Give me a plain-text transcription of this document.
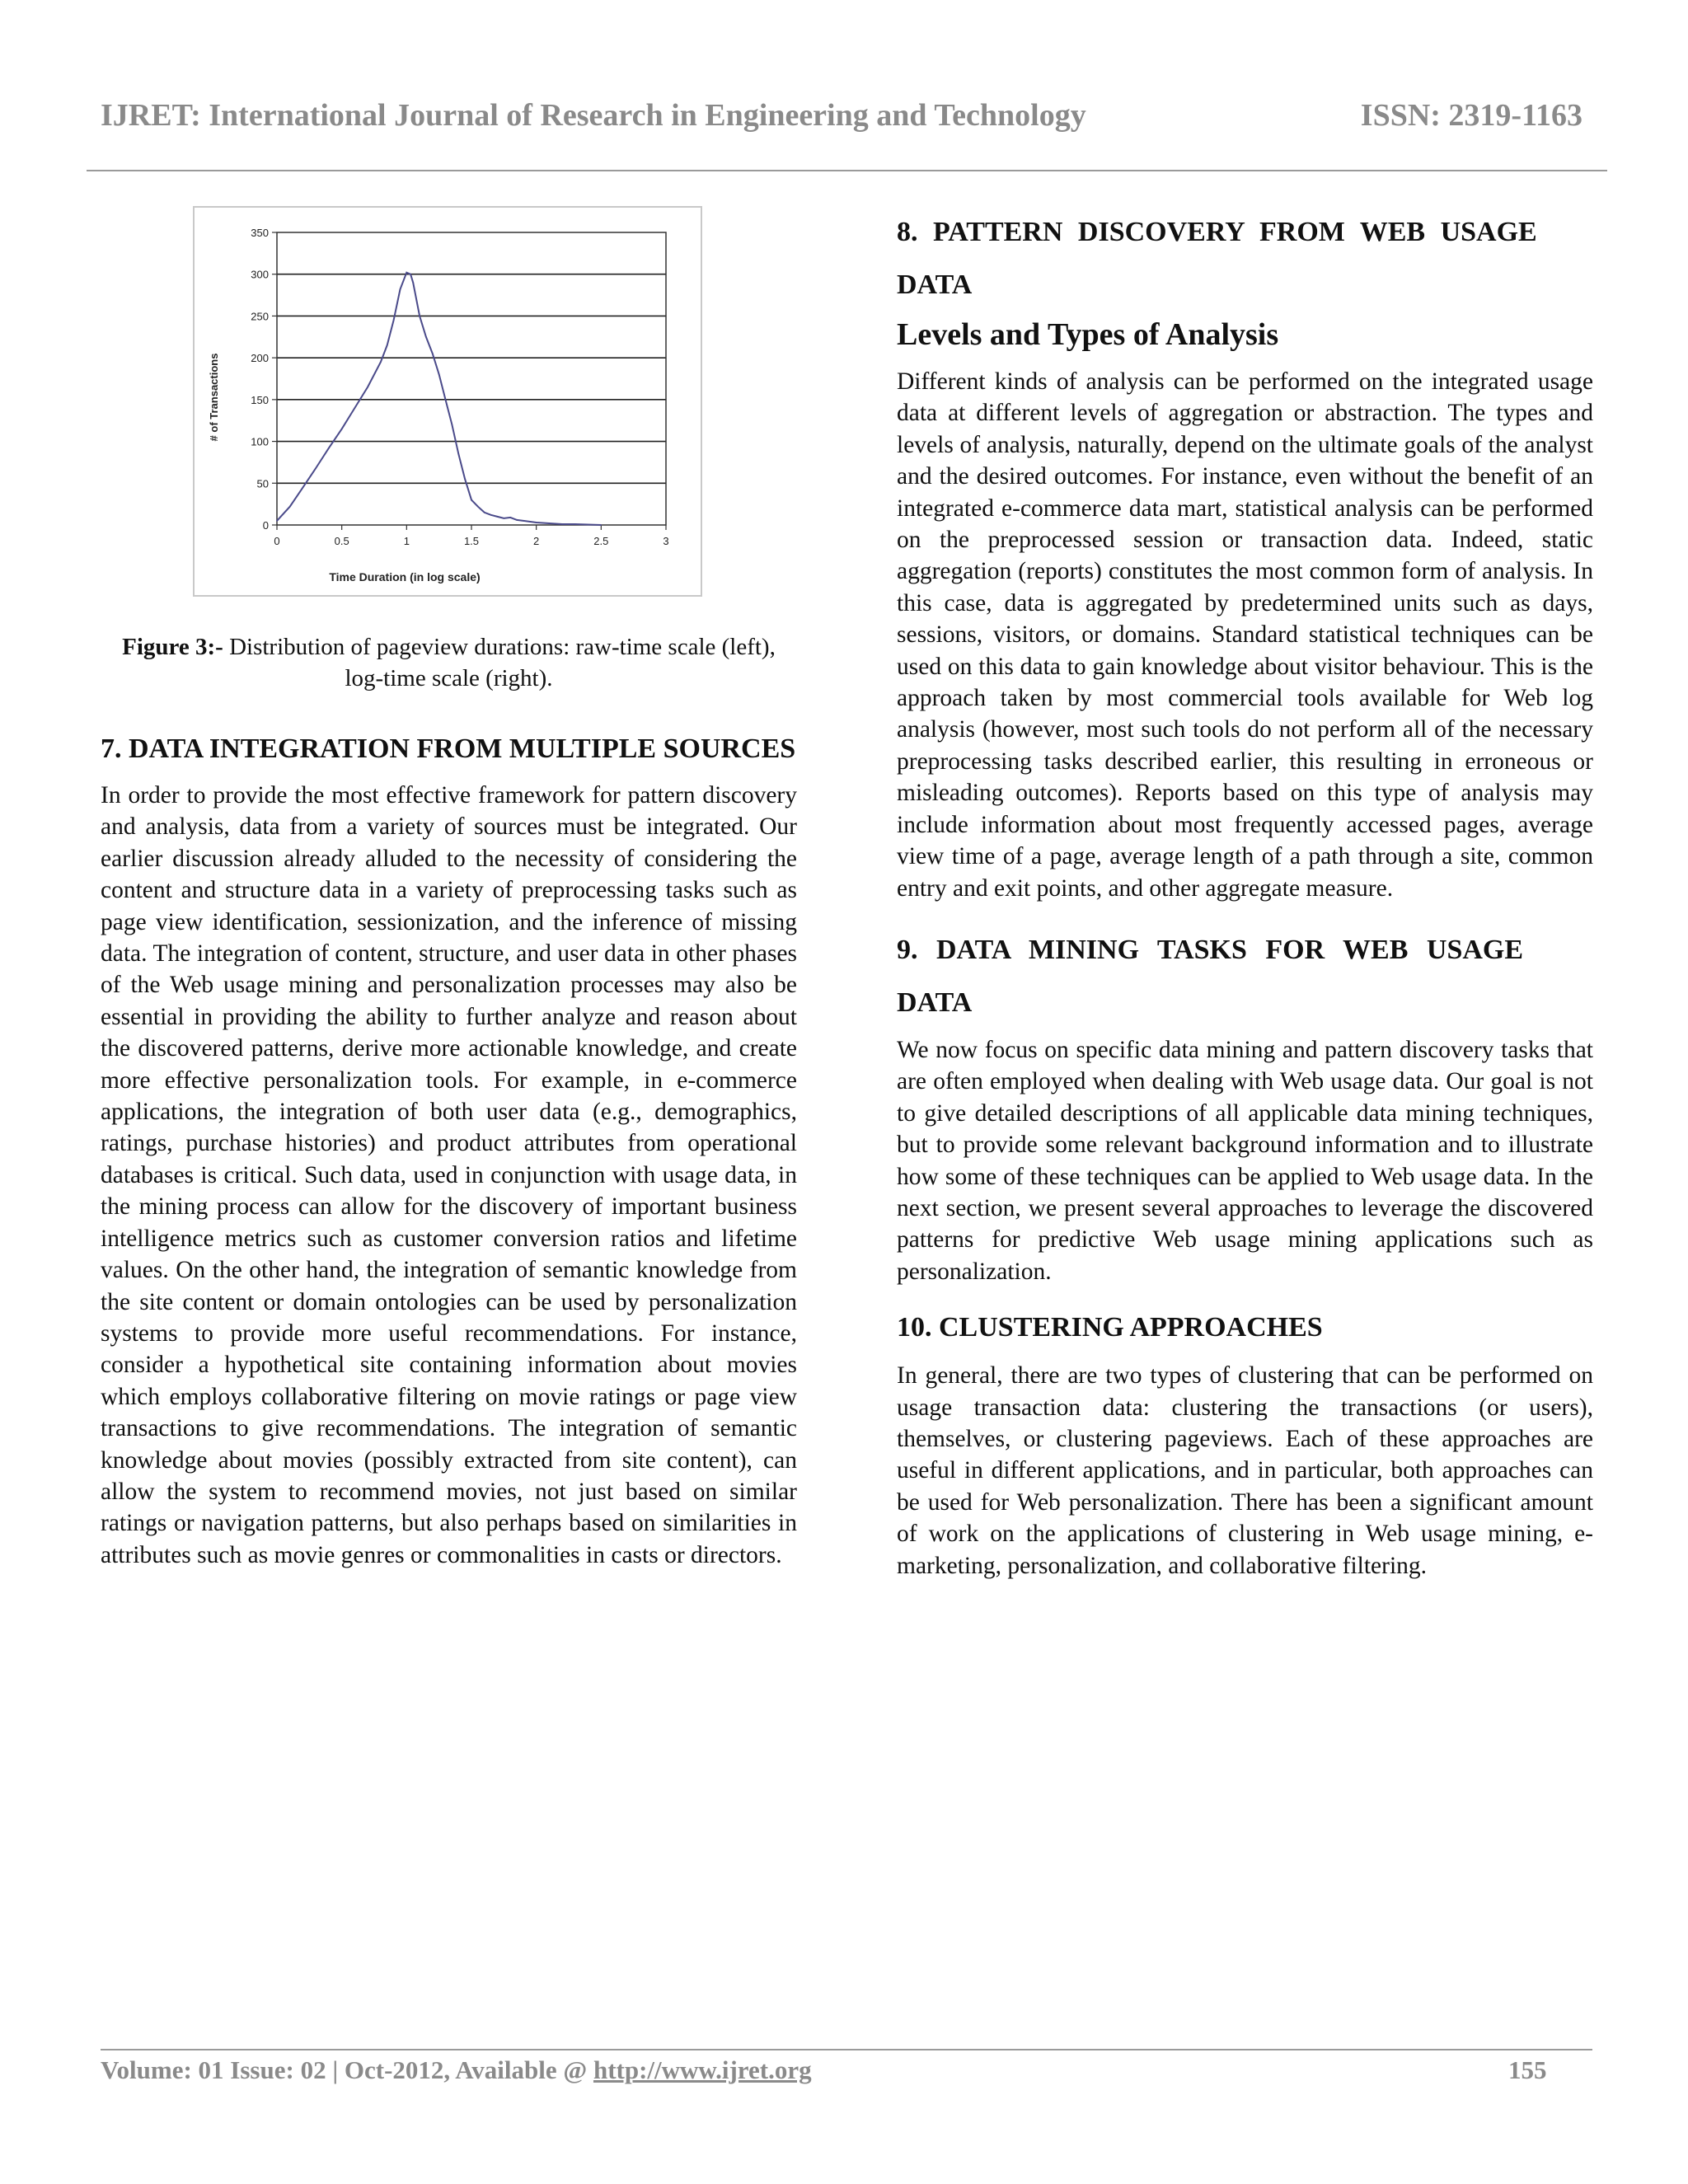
IJRET: International Journal of Research in Engineering and Technology	ISSN: 2319-1163
0
50
100
150
200
250
300
350
0	0.5	1	1.5	2	2.5	3
Time Duration (in log scale)
# of Transactions
Figure 3:- Distribution of pageview durations: raw-time scale (left), log-time scale (right).
7. DATA INTEGRATION FROM MULTIPLE SOURCES

In order to provide the most effective framework for pattern discovery and analysis, data from a variety of sources must be integrated. Our earlier discussion already alluded to the necessity of considering the content and structure data in a variety of preprocessing tasks such as page view identification, sessionization, and the inference of missing data. The integration of content, structure, and user data in other phases of the Web usage mining and personalization processes may also be essential in providing the ability to further analyze and reason about the discovered patterns, derive more actionable knowledge, and create more effective personalization tools. For example, in e-commerce applications, the integration of both user data (e.g., demographics, ratings, purchase histories) and product attributes from operational databases is critical. Such data, used in conjunction with usage data, in the mining process can allow for the discovery of important business intelligence metrics such as customer conversion ratios and lifetime values. On the other hand, the integration of semantic knowledge from the site content or domain ontologies can be used by personalization systems to provide more useful recommendations. For instance, consider a hypothetical site containing information about movies which employs collaborative filtering on movie ratings or page view transactions to give recommendations. The integration of semantic knowledge about movies (possibly extracted from site content), can allow the system to recommend movies, not just based on similar ratings or navigation patterns, but also perhaps based on similarities in attributes such as movie genres or commonalities in casts or directors.

8. PATTERN DISCOVERY FROM WEB USAGE DATA
Levels and Types of Analysis

Different kinds of analysis can be performed on the integrated usage data at different levels of aggregation or abstraction. The types and levels of analysis, naturally, depend on the ultimate goals of the analyst and the desired outcomes. For instance, even without the benefit of an integrated e-commerce data mart, statistical analysis can be performed on the preprocessed session or transaction data. Indeed, static aggregation (reports) constitutes the most common form of analysis. In this case, data is aggregated by predetermined units such as days, sessions, visitors, or domains. Standard statistical techniques can be used on this data to gain knowledge about visitor behaviour. This is the approach taken by most commercial tools available for Web log analysis (however, most such tools do not perform all of the necessary preprocessing tasks described earlier, this resulting in erroneous or misleading outcomes). Reports based on this type of analysis may include information about most frequently accessed pages, average view time of a page, average length of a path through a site, common entry and exit points, and other aggregate measure.

9. DATA MINING TASKS FOR WEB USAGE DATA

We now focus on specific data mining and pattern discovery tasks that are often employed when dealing with Web usage data. Our goal is not to give detailed descriptions of all applicable data mining techniques, but to provide some relevant background information and to illustrate how some of these techniques can be applied to Web usage data. In the next section, we present several approaches to leverage the discovered patterns for predictive Web usage mining applications such as personalization.

10. CLUSTERING APPROACHES

In general, there are two types of clustering that can be performed on usage transaction data: clustering the transactions (or users), themselves, or clustering pageviews. Each of these approaches are useful in different applications, and in particular, both approaches can be used for Web personalization. There has been a significant amount of work on the applications of clustering in Web usage mining, e-marketing, personalization, and collaborative filtering.

Volume: 01 Issue: 02 | Oct-2012, Available @ http://www.ijret.org	155
